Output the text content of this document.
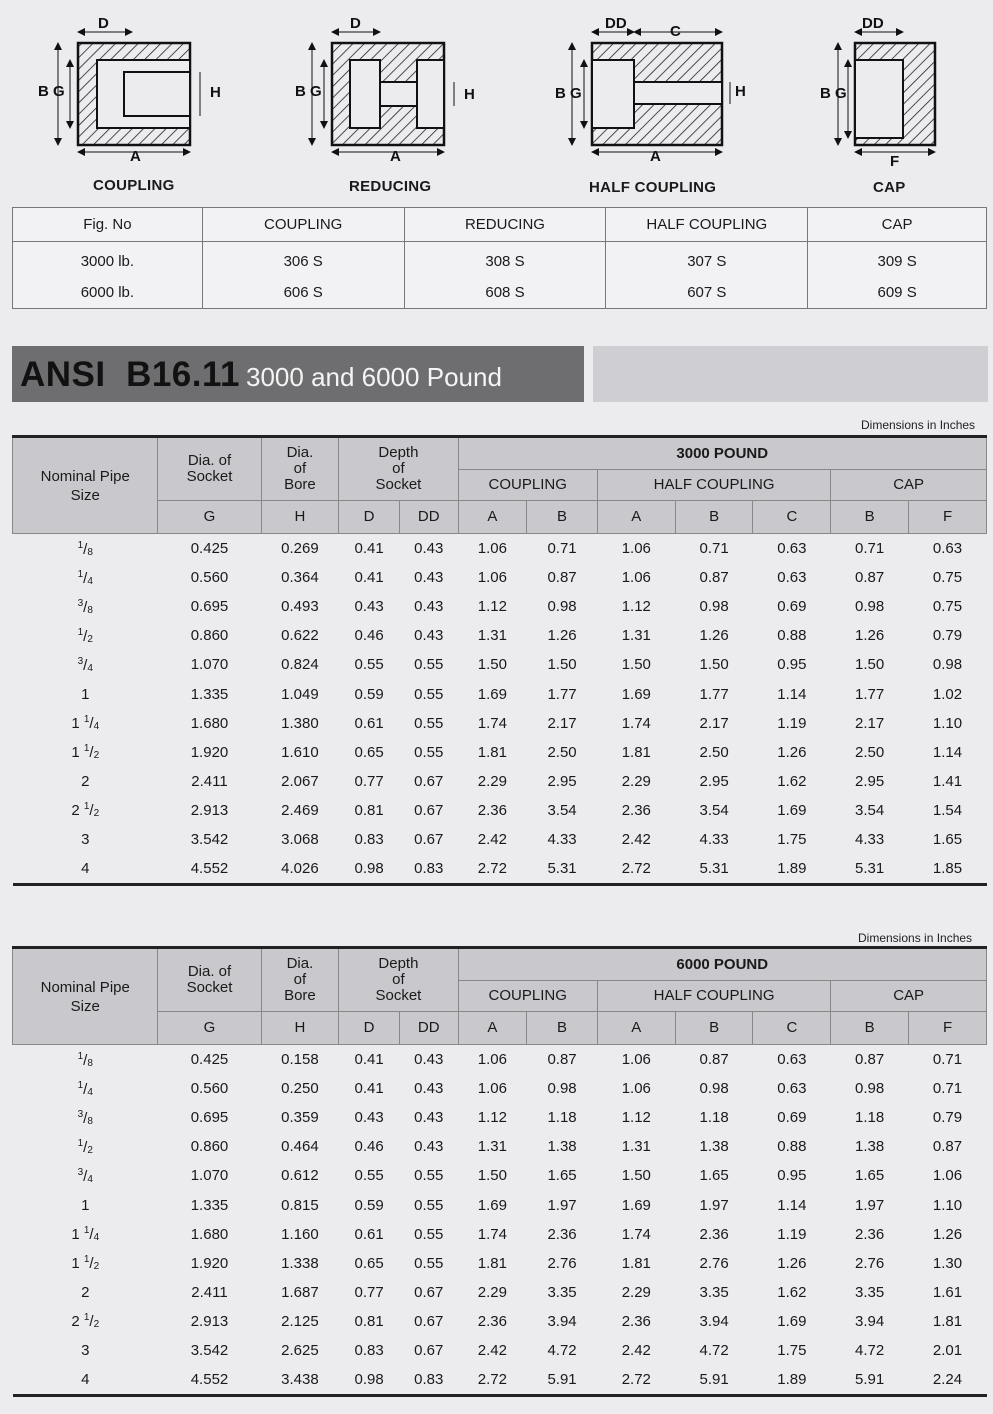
D
B G	H
A
D
B G	H
A
DD	C
B G	H
A
DD
B G
F
COUPLING	REDUCING	HALF COUPLING	CAP
Fig. No	COUPLING	REDUCING	HALF COUPLING	CAP
3000 lb.	306 S	308 S	307 S	309 S
6000 lb.	606 S	608 S	607 S	609 S
ANSI  B16.11 3000 and 6000 Pound
Dimensions in Inches
Dimensions in Inches
Nominal Pipe Size	Dia. of Socket	Dia. of Bore	Depth of Socket		3000 POUND						
					COUPLING		HALF COUPLING			CAP	
	G	H	D	DD	A	B	A	B	C	B	F
$^1/_8$	0.425	0.269	0.41	0.43	1.06	0.71	1.06	0.71	0.63	0.71	0.63
$^1/_4$	0.560	0.364	0.41	0.43	1.06	0.87	1.06	0.87	0.63	0.87	0.75
$^3/_8$	0.695	0.493	0.43	0.43	1.12	0.98	1.12	0.98	0.69	0.98	0.75
$^1/_2$	0.860	0.622	0.46	0.43	1.31	1.26	1.31	1.26	0.88	1.26	0.79
$^3/_4$	1.070	0.824	0.55	0.55	1.50	1.50	1.50	1.50	0.95	1.50	0.98
1	1.335	1.049	0.59	0.55	1.69	1.77	1.69	1.77	1.14	1.77	1.02
1 $^1/_4$	1.680	1.380	0.61	0.55	1.74	2.17	1.74	2.17	1.19	2.17	1.10
1 $^1/_2$	1.920	1.610	0.65	0.55	1.81	2.50	1.81	2.50	1.26	2.50	1.14
2	2.411	2.067	0.77	0.67	2.29	2.95	2.29	2.95	1.62	2.95	1.41
2 $^1/_2$	2.913	2.469	0.81	0.67	2.36	3.54	2.36	3.54	1.69	3.54	1.54
3	3.542	3.068	0.83	0.67	2.42	4.33	2.42	4.33	1.75	4.33	1.65
4	4.552	4.026	0.98	0.83	2.72	5.31	2.72	5.31	1.89	5.31	1.85
Nominal Pipe Size	Dia. of Socket	Dia. of Bore	Depth of Socket		6000 POUND						
					COUPLING		HALF COUPLING			CAP	
	G	H	D	DD	A	B	A	B	C	B	F
$^1/_8$	0.425	0.158	0.41	0.43	1.06	0.87	1.06	0.87	0.63	0.87	0.71
$^1/_4$	0.560	0.250	0.41	0.43	1.06	0.98	1.06	0.98	0.63	0.98	0.71
$^3/_8$	0.695	0.359	0.43	0.43	1.12	1.18	1.12	1.18	0.69	1.18	0.79
$^1/_2$	0.860	0.464	0.46	0.43	1.31	1.38	1.31	1.38	0.88	1.38	0.87
$^3/_4$	1.070	0.612	0.55	0.55	1.50	1.65	1.50	1.65	0.95	1.65	1.06
1	1.335	0.815	0.59	0.55	1.69	1.97	1.69	1.97	1.14	1.97	1.10
1 $^1/_4$	1.680	1.160	0.61	0.55	1.74	2.36	1.74	2.36	1.19	2.36	1.26
1 $^1/_2$	1.920	1.338	0.65	0.55	1.81	2.76	1.81	2.76	1.26	2.76	1.30
2	2.411	1.687	0.77	0.67	2.29	3.35	2.29	3.35	1.62	3.35	1.61
2 $^1/_2$	2.913	2.125	0.81	0.67	2.36	3.94	2.36	3.94	1.69	3.94	1.81
3	3.542	2.625	0.83	0.67	2.42	4.72	2.42	4.72	1.75	4.72	2.01
4	4.552	3.438	0.98	0.83	2.72	5.91	2.72	5.91	1.89	5.91	2.24
